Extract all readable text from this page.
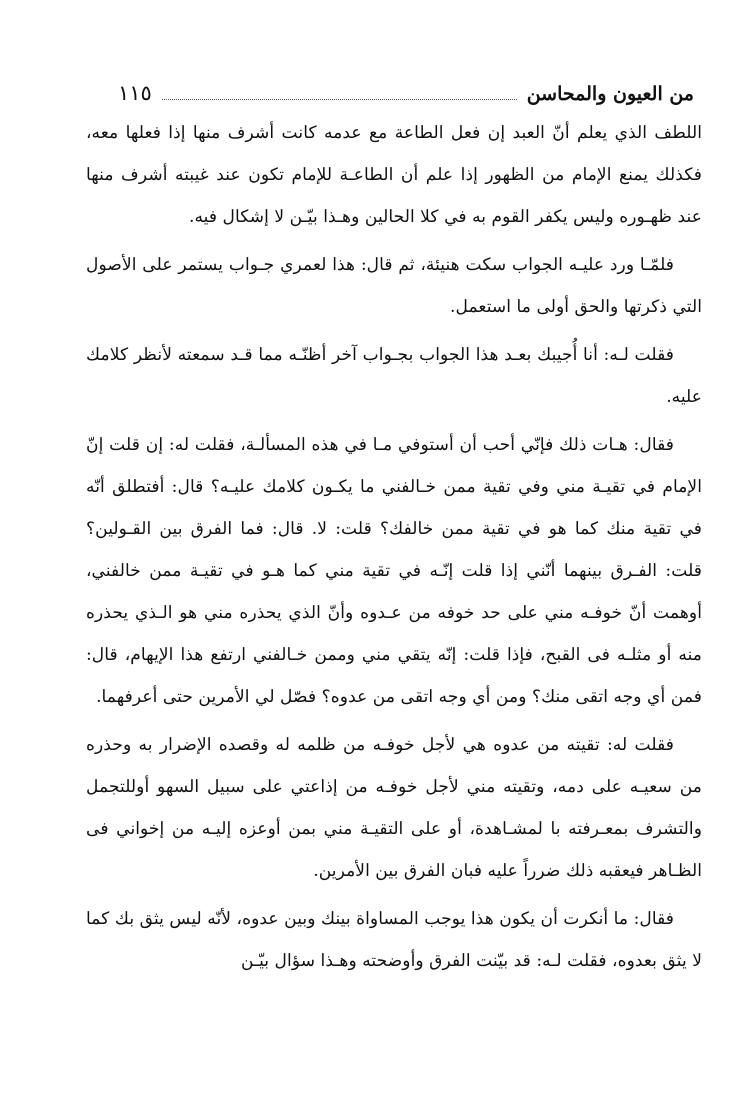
من العيون والمحاسن
١١٥

اللطف الذي يعلم أنّ العبد إن فعل الطاعة مع عدمه كانت أشرف منها إذا فعلها معه، فكذلك يمنع الإمام من الظهور إذا علم أن الطاعـة للإمام تكون عند غيبته أشرف منها عند ظهـوره وليس يكفر القوم به في كلا الحالين وهـذا بيّـن لا إشكال فيه.

فلمّـا ورد عليـه الجواب سكت هنيئة، ثم قال: هذا لعمري جـواب يستمر على الأصول التي ذكرتها والحق أولى ما استعمل.

فقلت لـه: أنا أُجيبك بعـد هذا الجواب بجـواب آخر أظنّـه مما قـد سمعته لأنظر كلامك عليه.

فقال: هـات ذلك فإنّي أحب أن أستوفي مـا في هذه المسألـة، فقلت له: إن قلت إنّ الإمام في تقيـة مني وفي تقية ممن خـالفني ما يكـون كلامك عليـه؟ قال: أفتطلق أنّه في تقية منك كما هو في تقية ممن خالفك؟ قلت: لا. قال: فما الفرق بين القـولين؟ قلت: الفـرق بينهما أنّني إذا قلت إنّـه في تقية مني كما هـو في تقيـة ممن خالفني، أوهمت أنّ خوفـه مني على حد خوفه من عـدوه وأنّ الذي يحذره مني هو الـذي يحذره منه أو مثلـه فى القبح، فإذا قلت: إنّه يتقي مني وممن خـالفني ارتفع هذا الإيهام، قال: فمن أي وجه اتقى منك؟ ومن أي وجه اتقى من عدوه؟ فصّل لي الأمرين حتى أعرفهما.

فقلت له: تقيته من عدوه هي لأجل خوفـه من ظلمه له وقصده الإضرار به وحذره من سعيـه على دمه، وتقيته مني لأجل خوفـه من إذاعتي على سبيل السهو أوللتجمل والتشرف بمعـرفته با لمشـاهدة، أو على التقيـة مني بمن أوعزه إليـه من إخواني فى الظـاهر فيعقبه ذلك ضرراً عليه فبان الفرق بين الأمرين.

فقال: ما أنكرت أن يكون هذا يوجب المساواة بينك وبين عدوه، لأنّه ليس يثق بك كما لا يثق بعدوه، فقلت لـه: قد بيّنت الفرق وأوضحته وهـذا سؤال بيّـن
